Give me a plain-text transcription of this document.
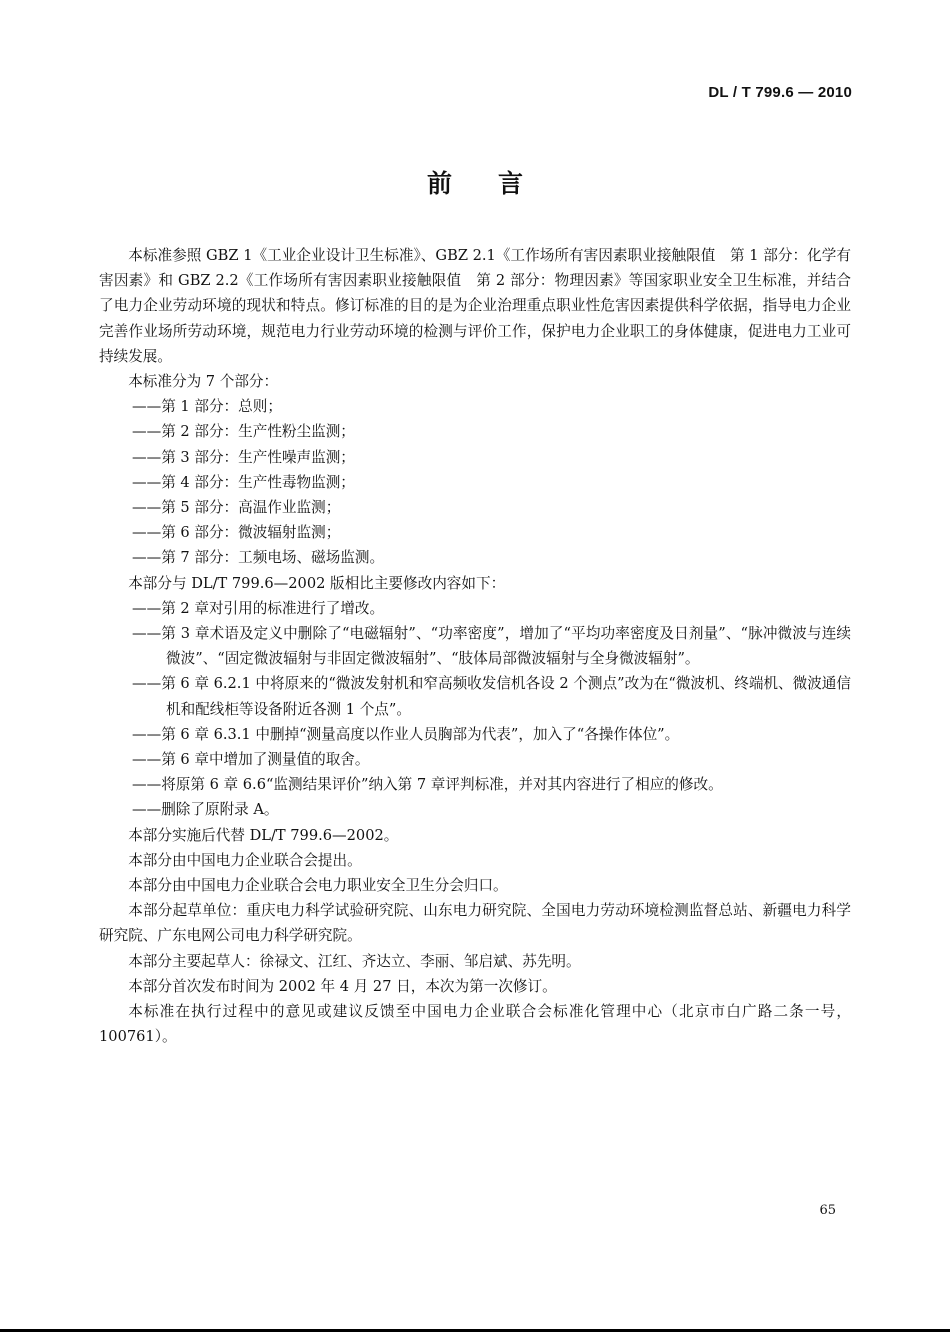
DL / T 799.6 — 2010
前言

本标准参照 GBZ 1《工业企业设计卫生标准》、GBZ 2.1《工作场所有害因素职业接触限值　第 1 部分：化学有害因素》和 GBZ 2.2《工作场所有害因素职业接触限值　第 2 部分：物理因素》等国家职业安全卫生标准，并结合了电力企业劳动环境的现状和特点。修订标准的目的是为企业治理重点职业性危害因素提供科学依据，指导电力企业完善作业场所劳动环境，规范电力行业劳动环境的检测与评价工作，保护电力企业职工的身体健康，促进电力工业可持续发展。

本标准分为 7 个部分：

——第 1 部分：总则；

——第 2 部分：生产性粉尘监测；

——第 3 部分：生产性噪声监测；

——第 4 部分：生产性毒物监测；

——第 5 部分：高温作业监测；

——第 6 部分：微波辐射监测；

——第 7 部分：工频电场、磁场监测。

本部分与 DL/T 799.6—2002 版相比主要修改内容如下：

——第 2 章对引用的标准进行了增改。

——第 3 章术语及定义中删除了“电磁辐射”、“功率密度”，增加了“平均功率密度及日剂量”、“脉冲微波与连续微波”、“固定微波辐射与非固定微波辐射”、“肢体局部微波辐射与全身微波辐射”。

——第 6 章 6.2.1 中将原来的“微波发射机和窄高频收发信机各设 2 个测点”改为在“微波机、终端机、微波通信机和配线柜等设备附近各测 1 个点”。

——第 6 章 6.3.1 中删掉“测量高度以作业人员胸部为代表”，加入了“各操作体位”。

——第 6 章中增加了测量值的取舍。

——将原第 6 章 6.6“监测结果评价”纳入第 7 章评判标准，并对其内容进行了相应的修改。

——删除了原附录 A。

本部分实施后代替 DL/T 799.6—2002。

本部分由中国电力企业联合会提出。

本部分由中国电力企业联合会电力职业安全卫生分会归口。

本部分起草单位：重庆电力科学试验研究院、山东电力研究院、全国电力劳动环境检测监督总站、新疆电力科学研究院、广东电网公司电力科学研究院。

本部分主要起草人：徐禄文、江红、齐达立、李丽、邹启斌、苏先明。

本部分首次发布时间为 2002 年 4 月 27 日，本次为第一次修订。

本标准在执行过程中的意见或建议反馈至中国电力企业联合会标准化管理中心（北京市白广路二条一号，100761）。

65
